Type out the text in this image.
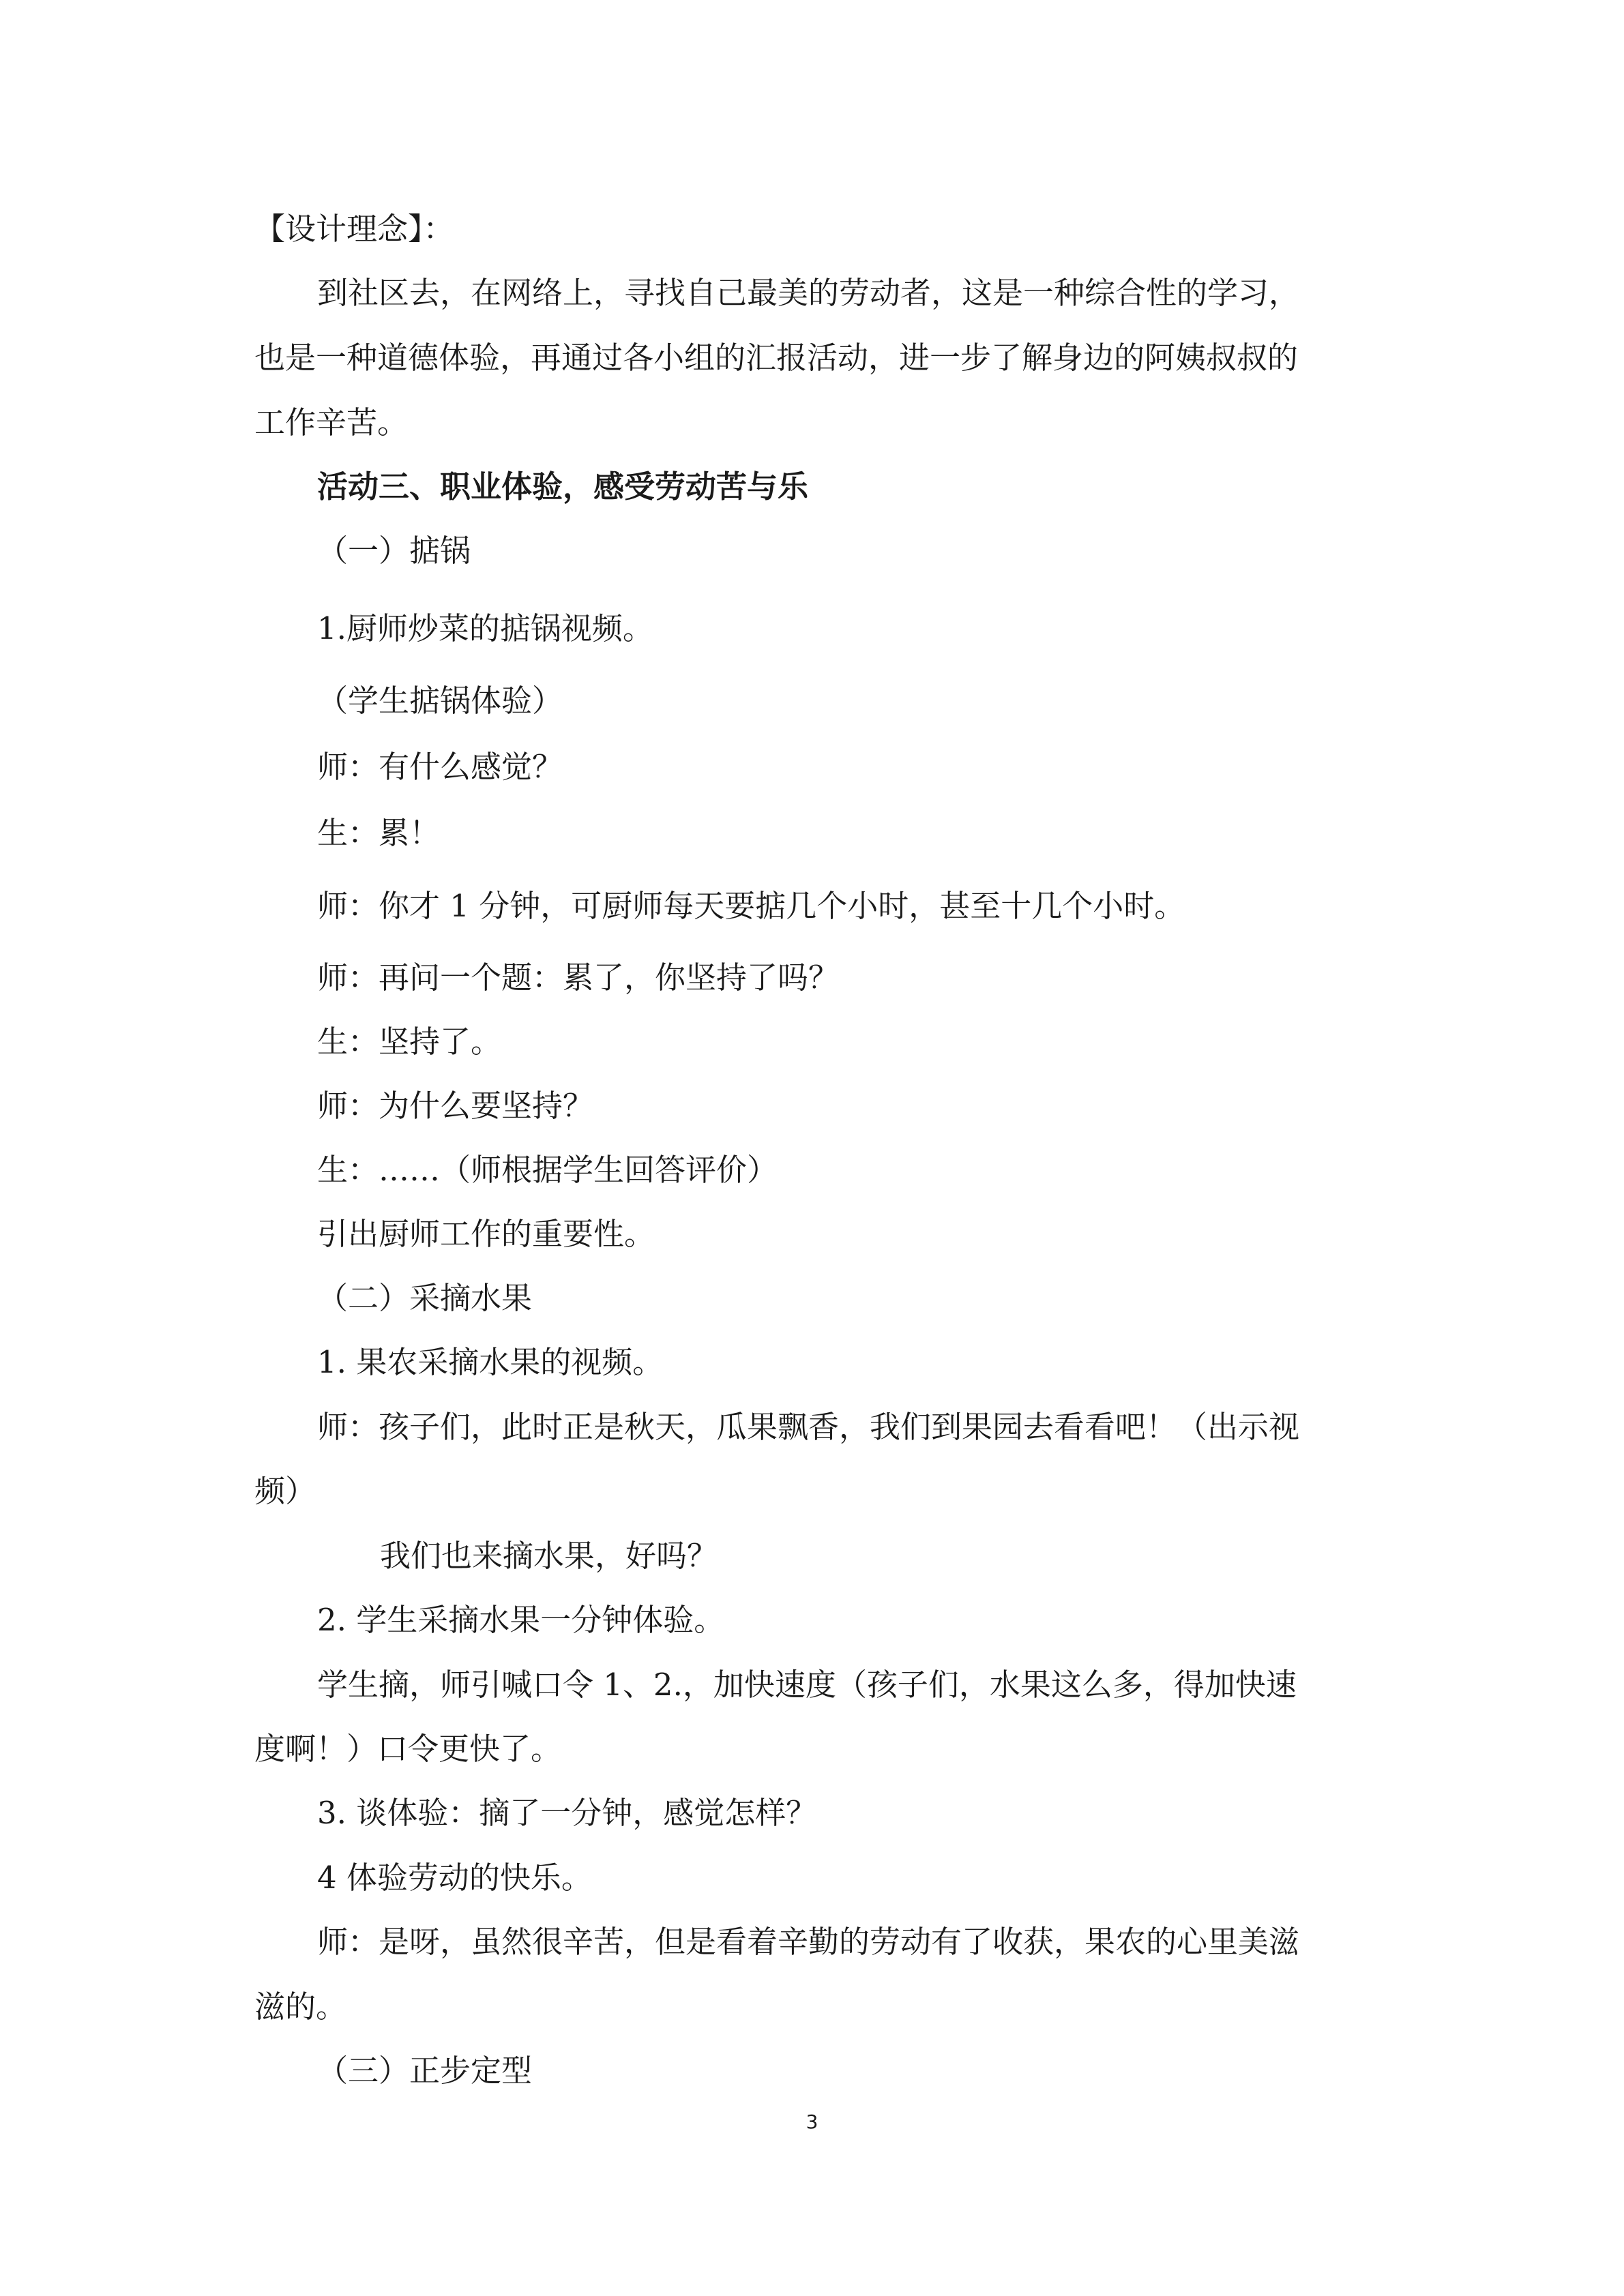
【设计理念】：
到社区去，在网络上，寻找自己最美的劳动者，这是一种综合性的学习，
也是一种道德体验，再通过各小组的汇报活动，进一步了解身边的阿姨叔叔的
工作辛苦。
活动三、职业体验，感受劳动苦与乐
（一）掂锅
1.厨师炒菜的掂锅视频。
（学生掂锅体验）
师：有什么感觉？
生：累！
师：你才 1 分钟，可厨师每天要掂几个小时，甚至十几个小时。
师：再问一个题：累了，你坚持了吗？
生：坚持了。
师：为什么要坚持？
生：……（师根据学生回答评价）
引出厨师工作的重要性。
（二）采摘水果
1. 果农采摘水果的视频。
师：孩子们，此时正是秋天，瓜果飘香，我们到果园去看看吧！（出示视
频）
我们也来摘水果，好吗？
2. 学生采摘水果一分钟体验。
学生摘，师引喊口令 1、2.，加快速度（孩子们，水果这么多，得加快速
度啊！）口令更快了。
3. 谈体验：摘了一分钟，感觉怎样？
4 体验劳动的快乐。
师：是呀，虽然很辛苦，但是看着辛勤的劳动有了收获，果农的心里美滋
滋的。
（三）正步定型
3
